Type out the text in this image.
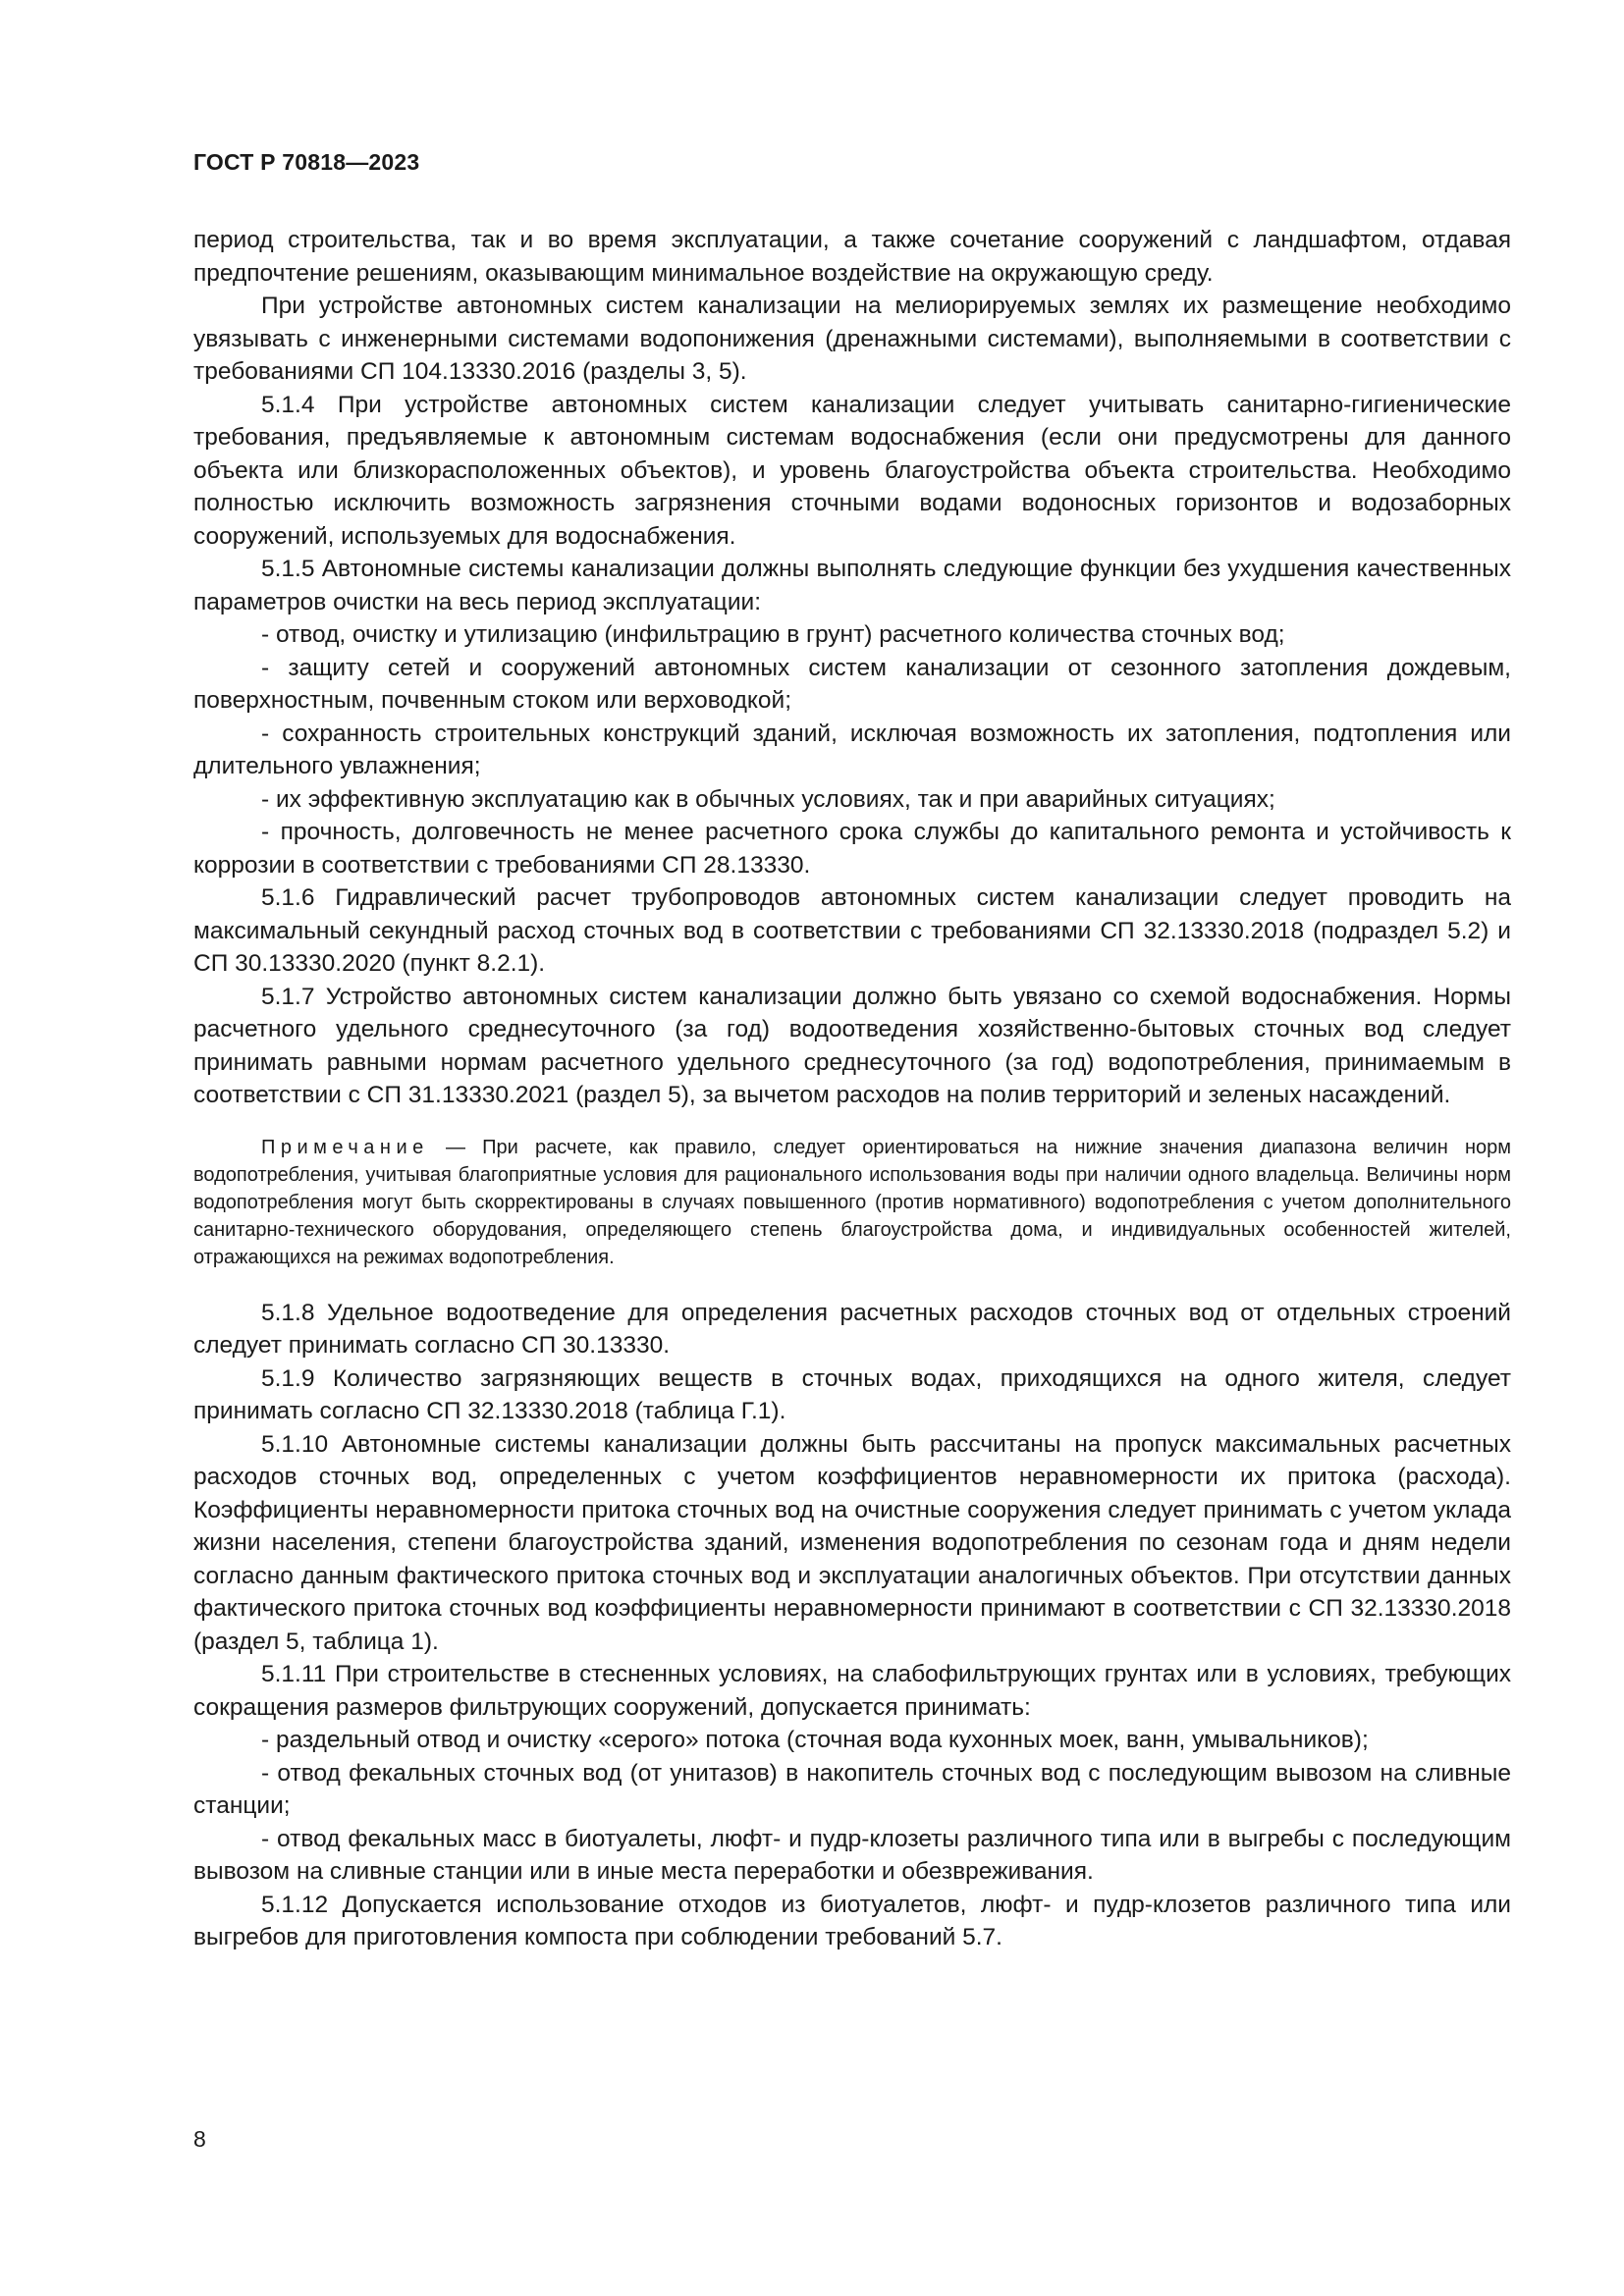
ГОСТ Р 70818—2023

период строительства, так и во время эксплуатации, а также сочетание сооружений с ландшафтом, отдавая предпочтение решениям, оказывающим минимальное воздействие на окружающую среду.

При устройстве автономных систем канализации на мелиорируемых землях их размещение необходимо увязывать с инженерными системами водопонижения (дренажными системами), выполняемыми в соответствии с требованиями СП 104.13330.2016 (разделы 3, 5).

5.1.4 При устройстве автономных систем канализации следует учитывать санитарно-гигиенические требования, предъявляемые к автономным системам водоснабжения (если они предусмотрены для данного объекта или близкорасположенных объектов), и уровень благоустройства объекта строительства. Необходимо полностью исключить возможность загрязнения сточными водами водоносных горизонтов и водозаборных сооружений, используемых для водоснабжения.

5.1.5 Автономные системы канализации должны выполнять следующие функции без ухудшения качественных параметров очистки на весь период эксплуатации:

- отвод, очистку и утилизацию (инфильтрацию в грунт) расчетного количества сточных вод;

- защиту сетей и сооружений автономных систем канализации от сезонного затопления дождевым, поверхностным, почвенным стоком или верховодкой;

- сохранность строительных конструкций зданий, исключая возможность их затопления, подтопления или длительного увлажнения;

- их эффективную эксплуатацию как в обычных условиях, так и при аварийных ситуациях;

- прочность, долговечность не менее расчетного срока службы до капитального ремонта и устойчивость к коррозии в соответствии с требованиями СП 28.13330.

5.1.6 Гидравлический расчет трубопроводов автономных систем канализации следует проводить на максимальный секундный расход сточных вод в соответствии с требованиями СП 32.13330.2018 (подраздел 5.2) и СП 30.13330.2020 (пункт 8.2.1).

5.1.7 Устройство автономных систем канализации должно быть увязано со схемой водоснабжения. Нормы расчетного удельного среднесуточного (за год) водоотведения хозяйственно-бытовых сточных вод следует принимать равными нормам расчетного удельного среднесуточного (за год) водопотребления, принимаемым в соответствии с СП 31.13330.2021 (раздел 5), за вычетом расходов на полив территорий и зеленых насаждений.

Примечание — При расчете, как правило, следует ориентироваться на нижние значения диапазона величин норм водопотребления, учитывая благоприятные условия для рационального использования воды при наличии одного владельца. Величины норм водопотребления могут быть скорректированы в случаях повышенного (против нормативного) водопотребления с учетом дополнительного санитарно-технического оборудования, определяющего степень благоустройства дома, и индивидуальных особенностей жителей, отражающихся на режимах водопотребления.

5.1.8 Удельное водоотведение для определения расчетных расходов сточных вод от отдельных строений следует принимать согласно СП 30.13330.

5.1.9 Количество загрязняющих веществ в сточных водах, приходящихся на одного жителя, следует принимать согласно СП 32.13330.2018 (таблица Г.1).

5.1.10 Автономные системы канализации должны быть рассчитаны на пропуск максимальных расчетных расходов сточных вод, определенных с учетом коэффициентов неравномерности их притока (расхода). Коэффициенты неравномерности притока сточных вод на очистные сооружения следует принимать с учетом уклада жизни населения, степени благоустройства зданий, изменения водопотребления по сезонам года и дням недели согласно данным фактического притока сточных вод и эксплуатации аналогичных объектов. При отсутствии данных фактического притока сточных вод коэффициенты неравномерности принимают в соответствии с СП 32.13330.2018 (раздел 5, таблица 1).

5.1.11 При строительстве в стесненных условиях, на слабофильтрующих грунтах или в условиях, требующих сокращения размеров фильтрующих сооружений, допускается принимать:

- раздельный отвод и очистку «серого» потока (сточная вода кухонных моек, ванн, умывальников);

- отвод фекальных сточных вод (от унитазов) в накопитель сточных вод с последующим вывозом на сливные станции;

- отвод фекальных масс в биотуалеты, люфт- и пудр-клозеты различного типа или в выгребы с последующим вывозом на сливные станции или в иные места переработки и обезвреживания.

5.1.12 Допускается использование отходов из биотуалетов, люфт- и пудр-клозетов различного типа или выгребов для приготовления компоста при соблюдении требований 5.7.

8
